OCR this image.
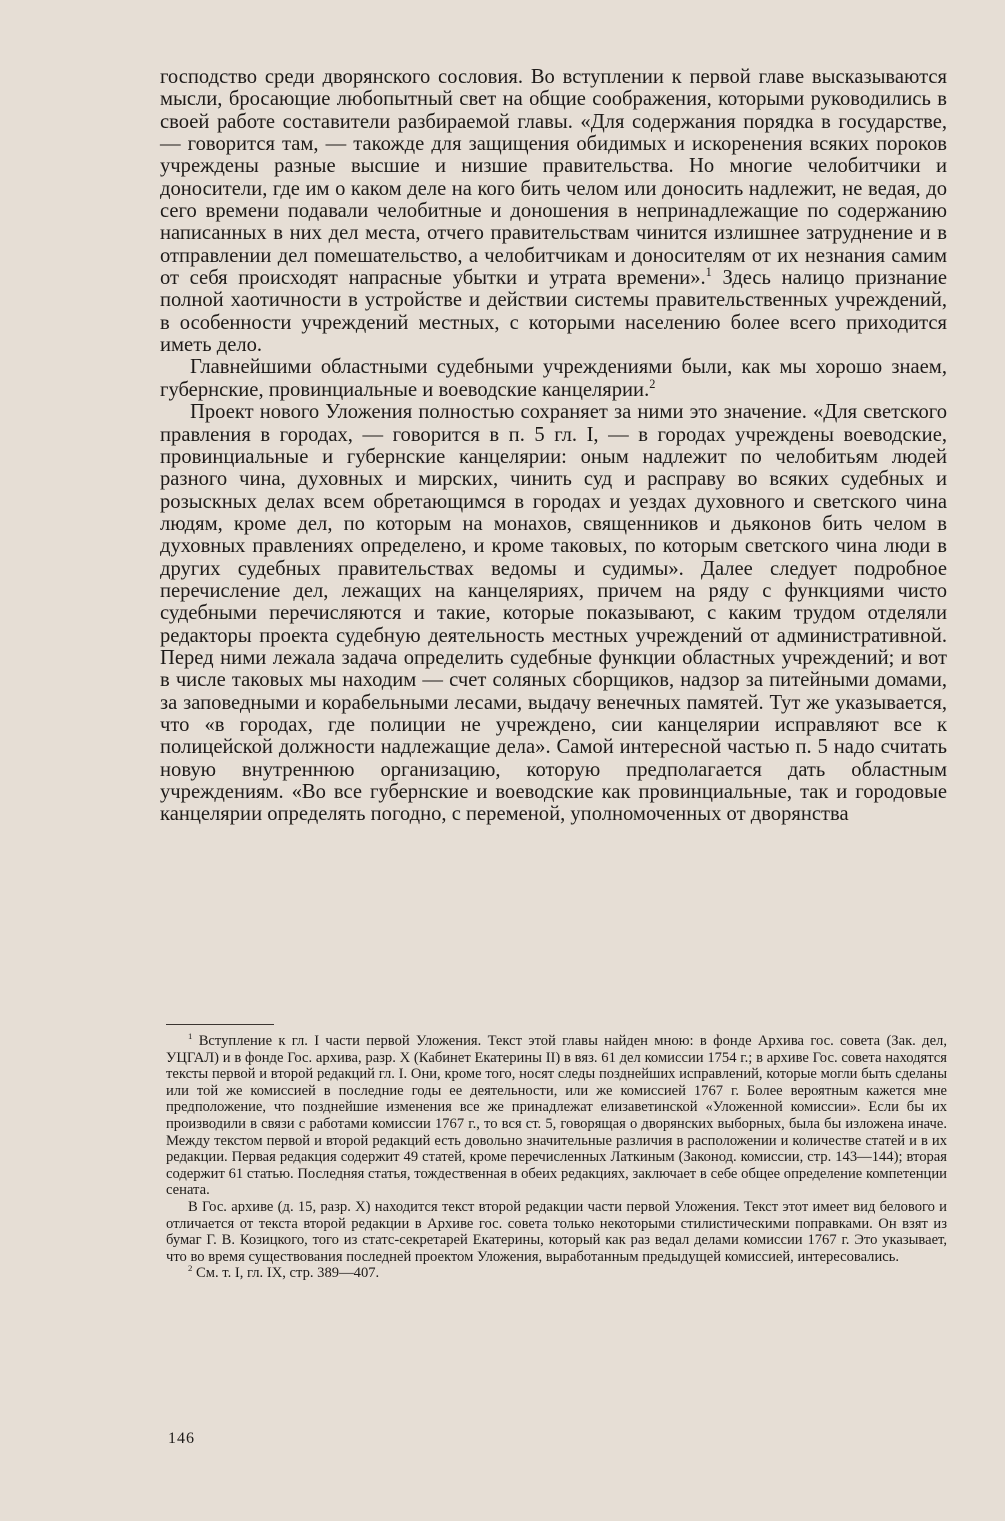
господство среди дворянского сословия. Во вступлении к первой главе высказываются мысли, бросающие любопытный свет на общие соображения, которыми руководились в своей работе составители разбираемой главы. «Для содержания порядка в государстве, — говорится там, — такожде для защищения обидимых и искоренения всяких пороков учреждены разные высшие и низшие правительства. Но многие челобитчики и доносители, где им о каком деле на кого бить челом или доносить надлежит, не ведая, до сего времени подавали челобитные и доношения в непринадлежащие по содержанию написанных в них дел места, отчего правительствам чинится излишнее затруднение и в отправлении дел помешательство, а челобитчикам и доносителям от их незнания самим от себя происходят напрасные убытки и утрата времени».$^1$ Здесь налицо признание полной хаотичности в устройстве и действии системы правительственных учреждений, в особенности учреждений местных, с которыми населению более всего приходится иметь дело.

Главнейшими областными судебными учреждениями были, как мы хорошо знаем, губернские, провинциальные и воеводские канцелярии.$^2$

Проект нового Уложения полностью сохраняет за ними это значение. «Для светского правления в городах, — говорится в п. 5 гл. I, — в городах учреждены воеводские, провинциальные и губернские канцелярии: оным надлежит по челобитьям людей разного чина, духовных и мирских, чинить суд и расправу во всяких судебных и розыскных делах всем обретающимся в городах и уездах духовного и светского чина людям, кроме дел, по которым на монахов, священников и дьяконов бить челом в духовных правлениях определено, и кроме таковых, по которым светского чина люди в других судебных правительствах ведомы и судимы». Далее следует подробное перечисление дел, лежащих на канцеляриях, причем на ряду с функциями чисто судебными перечисляются и такие, которые показывают, с каким трудом отделяли редакторы проекта судебную деятельность местных учреждений от административной. Перед ними лежала задача определить судебные функции областных учреждений; и вот в числе таковых мы находим — счет соляных сборщиков, надзор за питейными домами, за заповедными и корабельными лесами, выдачу венечных памятей. Тут же указывается, что «в городах, где полиции не учреждено, сии канцелярии исправляют все к полицейской должности надлежащие дела». Самой интересной частью п. 5 надо считать новую внутреннюю организацию, которую предполагается дать областным учреждениям. «Во все губернские и воеводские как провинциальные, так и городовые канцелярии определять погодно, с переменой, уполномоченных от дворянства

$^1$ Вступление к гл. I части первой Уложения. Текст этой главы найден мною: в фонде Архива гос. совета (Зак. дел, УЦГАЛ) и в фонде Гос. архива, разр. X (Кабинет Екатерины II) в вяз. 61 дел комиссии 1754 г.; в архиве Гос. совета находятся тексты первой и второй редакций гл. I. Они, кроме того, носят следы позднейших исправлений, которые могли быть сделаны или той же комиссией в последние годы ее деятельности, или же комиссией 1767 г. Более вероятным кажется мне предположение, что позднейшие изменения все же принадлежат елизаветинской «Уложенной комиссии». Если бы их производили в связи с работами комиссии 1767 г., то вся ст. 5, говорящая о дворянских выборных, была бы изложена иначе. Между текстом первой и второй редакций есть довольно значительные различия в расположении и количестве статей и в их редакции. Первая редакция содержит 49 статей, кроме перечисленных Латкиным (Законод. комиссии, стр. 143—144); вторая содержит 61 статью. Последняя статья, тождественная в обеих редакциях, заключает в себе общее определение компетенции сената.

В Гос. архиве (д. 15, разр. X) находится текст второй редакции части первой Уложения. Текст этот имеет вид белового и отличается от текста второй редакции в Архиве гос. совета только некоторыми стилистическими поправками. Он взят из бумаг Г. В. Козицкого, того из статс-секретарей Екатерины, который как раз ведал делами комиссии 1767 г. Это указывает, что во время существования последней проектом Уложения, выработанным предыдущей комиссией, интересовались.

$^2$ См. т. I, гл. IX, стр. 389—407.

146
